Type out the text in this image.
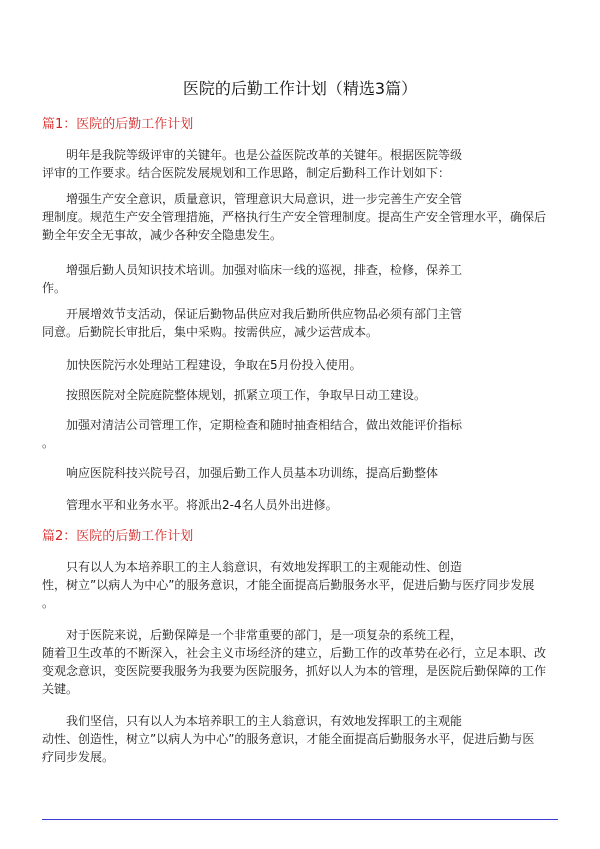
医院的后勤工作计划（精选3篇）
篇1：医院的后勤工作计划
　　明年是我院等级评审的关键年。也是公益医院改革的关键年。根据医院等级
评审的工作要求。结合医院发展规划和工作思路，制定后勤科工作计划如下：
　　增强生产安全意识，质量意识，管理意识大局意识，进一步完善生产安全管
理制度。规范生产安全管理措施，严格执行生产安全管理制度。提高生产安全管理水平，确保后
勤全年安全无事故，减少各种安全隐患发生。
　　增强后勤人员知识技术培训。加强对临床一线的巡视，排查，检修，保养工
作。
　　开展增效节支活动，保证后勤物品供应对我后勤所供应物品必须有部门主管
同意。后勤院长审批后，集中采购。按需供应，减少运营成本。
　　加快医院污水处理站工程建设，争取在5月份投入使用。
　　按照医院对全院庭院整体规划，抓紧立项工作，争取早日动工建设。
　　加强对清洁公司管理工作，定期检查和随时抽查相结合，做出效能评价指标
。
　　响应医院科技兴院号召，加强后勤工作人员基本功训练，提高后勤整体
　　管理水平和业务水平。将派出2-4名人员外出进修。
篇2：医院的后勤工作计划
　　只有以人为本培养职工的主人翁意识，有效地发挥职工的主观能动性、创造
性，树立”以病人为中心”的服务意识，才能全面提高后勤服务水平，促进后勤与医疗同步发展
。
　　对于医院来说，后勤保障是一个非常重要的部门，是一项复杂的系统工程，
随着卫生改革的不断深入，社会主义市场经济的建立，后勤工作的改革势在必行，立足本职、改
变观念意识，变医院要我服务为我要为医院服务，抓好以人为本的管理，是医院后勤保障的工作
关键。
　　我们坚信，只有以人为本培养职工的主人翁意识，有效地发挥职工的主观能
动性、创造性，树立”以病人为中心”的服务意识，才能全面提高后勤服务水平，促进后勤与医
疗同步发展。
